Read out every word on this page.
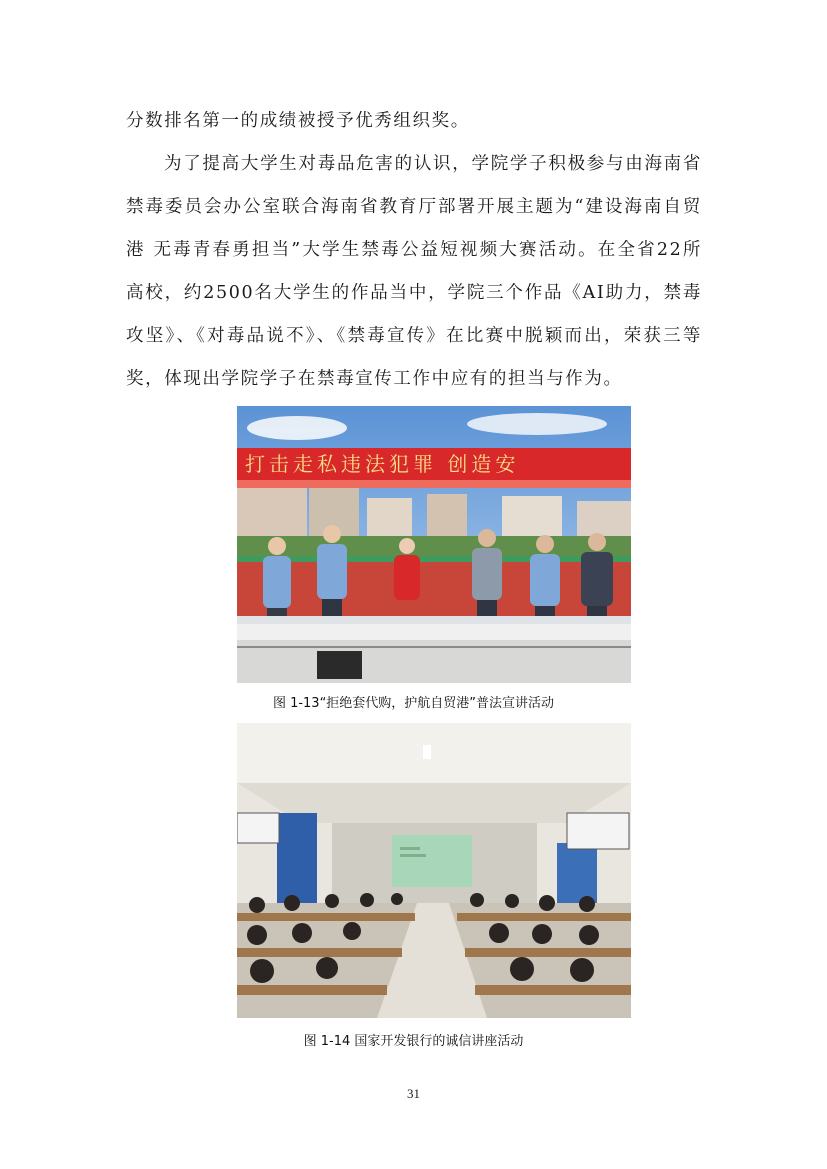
分数排名第一的成绩被授予优秀组织奖。

为了提高大学生对毒品危害的认识，学院学子积极参与由海南省禁毒委员会办公室联合海南省教育厅部署开展主题为“建设海南自贸港 无毒青春勇担当”大学生禁毒公益短视频大赛活动。在全省22所高校，约2500名大学生的作品当中，学院三个作品《AI助力，禁毒攻坚》、《对毒品说不》、《禁毒宣传》在比赛中脱颖而出，荣获三等奖，体现出学院学子在禁毒宣传工作中应有的担当与作为。

打击走私违法犯罪 创造安
图 1-13“拒绝套代购，护航自贸港”普法宣讲活动
图 1-14 国家开发银行的诚信讲座活动
31
